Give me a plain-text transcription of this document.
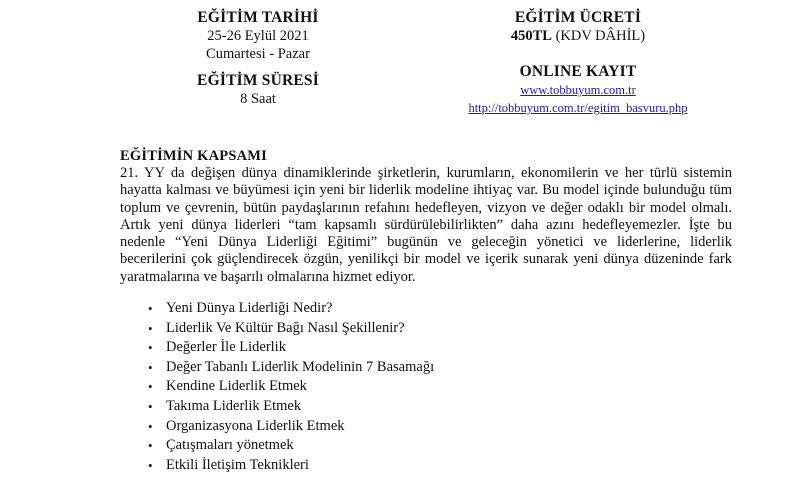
EĞİTİM TARİHİ
25-26 Eylül 2021
Cumartesi - Pazar
EĞİTİM SÜRESİ
8 Saat
EĞİTİM ÜCRETİ
450TL (KDV DÂHİL)
ONLINE KAYIT
www.tobbuyum.com.tr
http://tobbuyum.com.tr/egitim_basvuru.php
EĞİTİMİN KAPSAMI

21. YY da değişen dünya dinamiklerinde şirketlerin, kurumların, ekonomilerin ve her türlü sistemin hayatta kalması ve büyümesi için yeni bir liderlik modeline ihtiyaç var. Bu model içinde bulunduğu tüm toplum ve çevrenin, bütün paydaşlarının refahını hedefleyen, vizyon ve değer odaklı bir model olmalı. Artık yeni dünya liderleri “tam kapsamlı sürdürülebilirlikten” daha azını hedefleyemezler. İşte bu nedenle “Yeni Dünya Liderliği Eğitimi” bugünün ve geleceğin yönetici ve liderlerine, liderlik becerilerini çok güçlendirecek özgün, yenilikçi bir model ve içerik sunarak yeni dünya düzeninde fark yaratmalarına ve başarılı olmalarına hizmet ediyor.

• Yeni Dünya Liderliği Nedir?
• Liderlik Ve Kültür Bağı Nasıl Şekillenir?
• Değerler İle Liderlik
• Değer Tabanlı Liderlik Modelinin 7 Basamağı
• Kendine Liderlik Etmek
• Takıma Liderlik Etmek
• Organizasyona Liderlik Etmek
• Çatışmaları yönetmek
• Etkili İletişim Teknikleri
